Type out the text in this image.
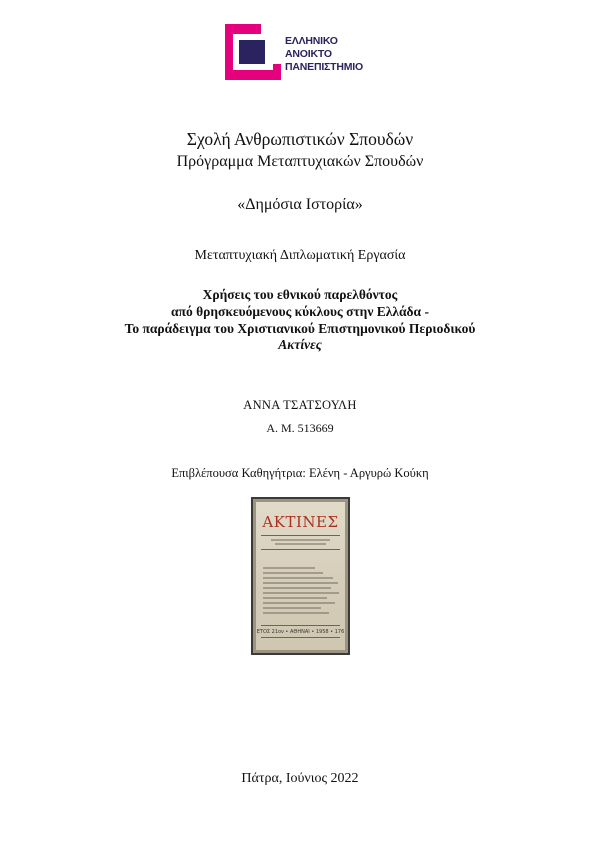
ΕΛΛΗΝΙΚΟ
ΑΝΟΙΚΤΟ
ΠΑΝΕΠΙΣΤΗΜΙΟ
Σχολή Ανθρωπιστικών Σπουδών
Πρόγραμμα Μεταπτυχιακών Σπουδών
«Δημόσια Ιστορία»
Μεταπτυχιακή Διπλωματική Εργασία
Χρήσεις του εθνικού παρελθόντος
από θρησκευόμενους κύκλους στην Ελλάδα -
Το παράδειγμα του Χριστιανικού Επιστημονικού Περιοδικού
Ακτίνες
ΑΝΝΑ ΤΣΑΤΣΟΥΛΗ
Α. Μ. 513669
Επιβλέπουσα Καθηγήτρια: Ελένη - Αργυρώ Κούκη
ΑΚΤΙΝΕΣ
ΕΤΟΣ 21ον • ΑΘΗΝΑΙ • 1958 • 176
Πάτρα, Ιούνιος 2022
